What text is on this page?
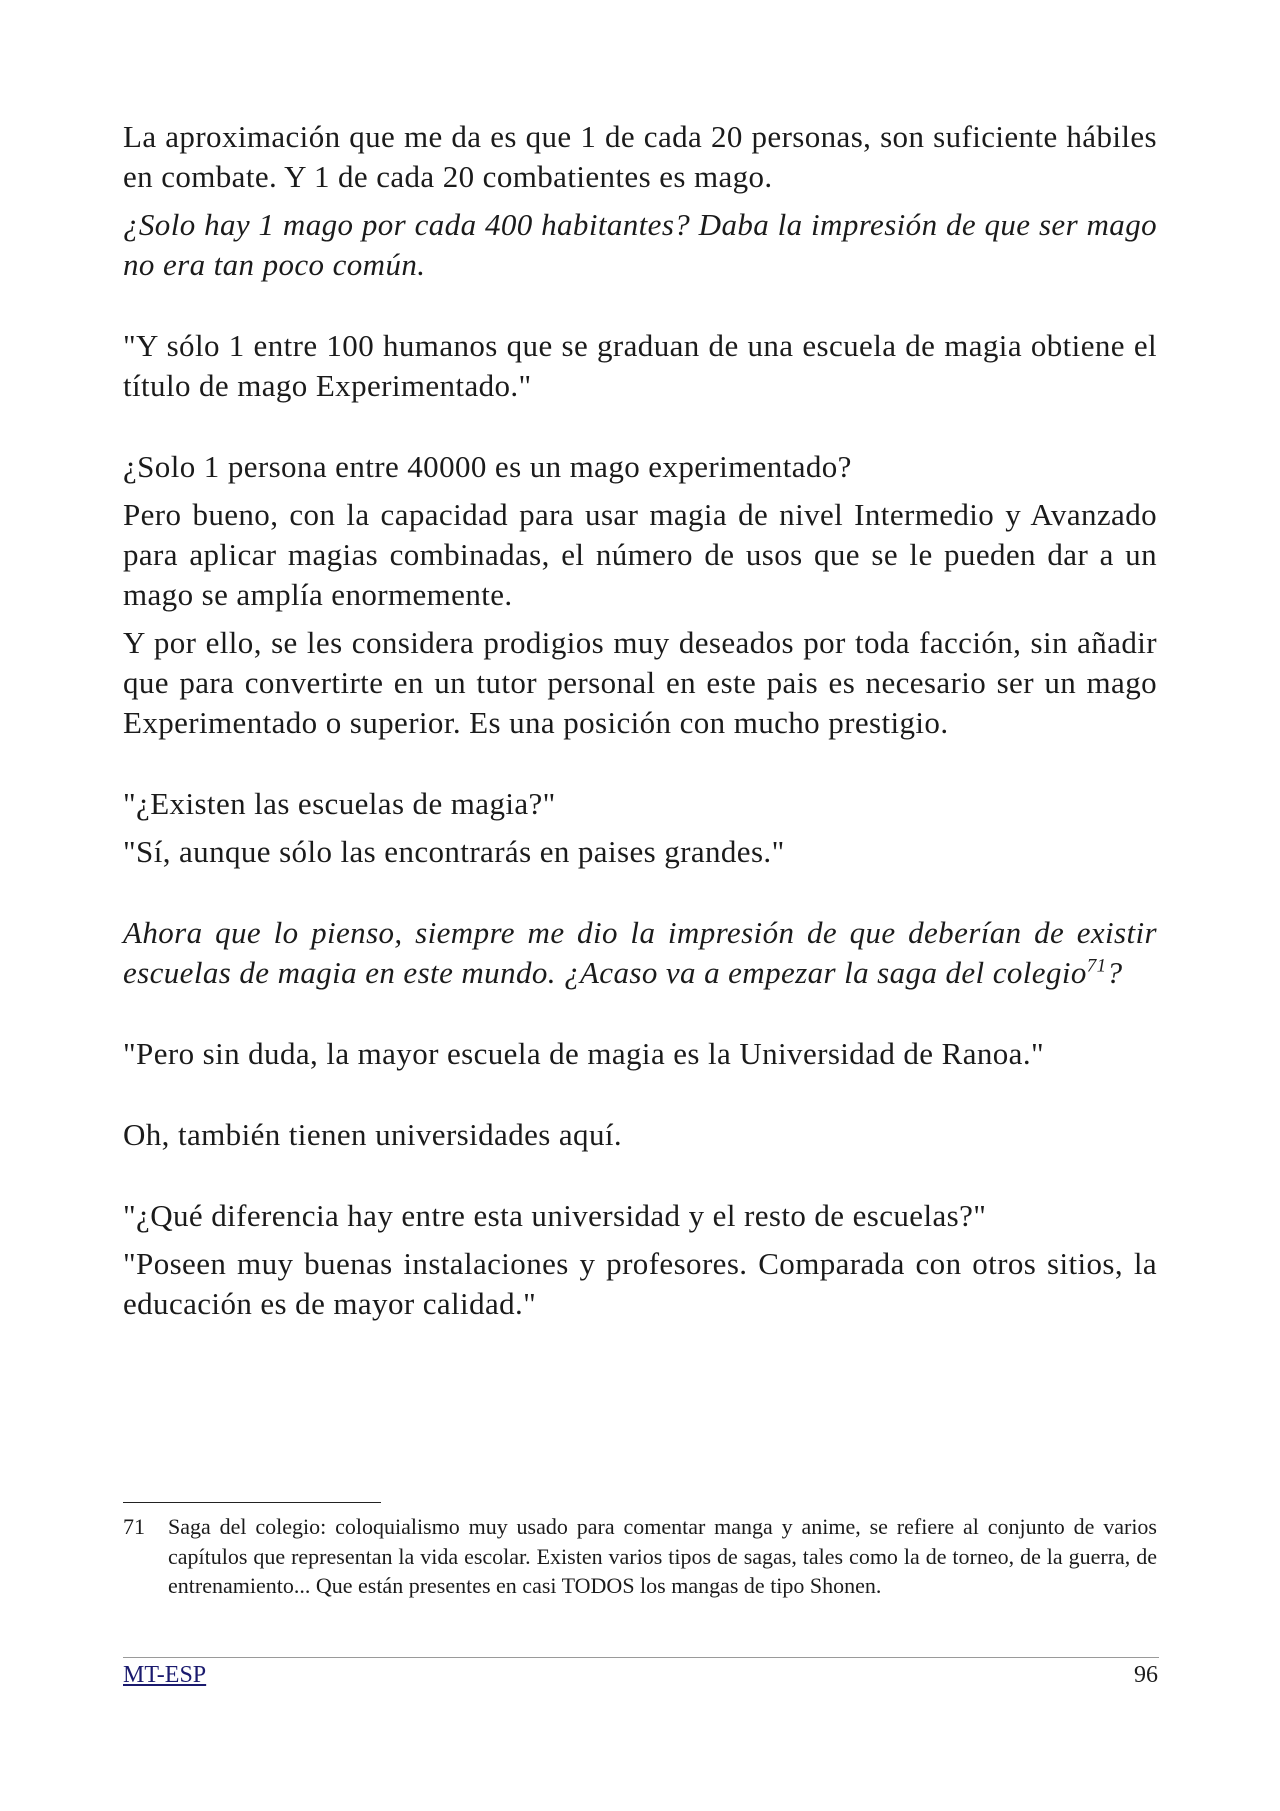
La aproximación que me da es que 1 de cada 20 personas, son suficiente hábiles en combate. Y 1 de cada 20 combatientes es mago.

¿Solo hay 1 mago por cada 400 habitantes? Daba la impresión de que ser mago no era tan poco común.

"Y sólo 1 entre 100 humanos que se graduan de una escuela de magia obtiene el título de mago Experimentado."

¿Solo 1 persona entre 40000 es un mago experimentado?

Pero bueno, con la capacidad para usar magia de nivel Intermedio y Avanzado para aplicar magias combinadas, el número de usos que se le pueden dar a un mago se amplía enormemente.

Y por ello, se les considera prodigios muy deseados por toda facción, sin añadir que para convertirte en un tutor personal en este pais es necesario ser un mago Experimentado o superior. Es una posición con mucho prestigio.

"¿Existen las escuelas de magia?"

"Sí, aunque sólo las encontrarás en paises grandes."

Ahora que lo pienso, siempre me dio la impresión de que deberían de existir escuelas de magia en este mundo. ¿Acaso va a empezar la saga del colegio$^{71}$?

"Pero sin duda, la mayor escuela de magia es la Universidad de Ranoa."

Oh, también tienen universidades aquí.

"¿Qué diferencia hay entre esta universidad y el resto de escuelas?"

"Poseen muy buenas instalaciones y profesores. Comparada con otros sitios, la educación es de mayor calidad."

71 Saga del colegio: coloquialismo muy usado para comentar manga y anime, se refiere al conjunto de varios capítulos que representan la vida escolar. Existen varios tipos de sagas, tales como la de torneo, de la guerra, de entrenamiento... Que están presentes en casi TODOS los mangas de tipo Shonen.
MT-ESP	96
